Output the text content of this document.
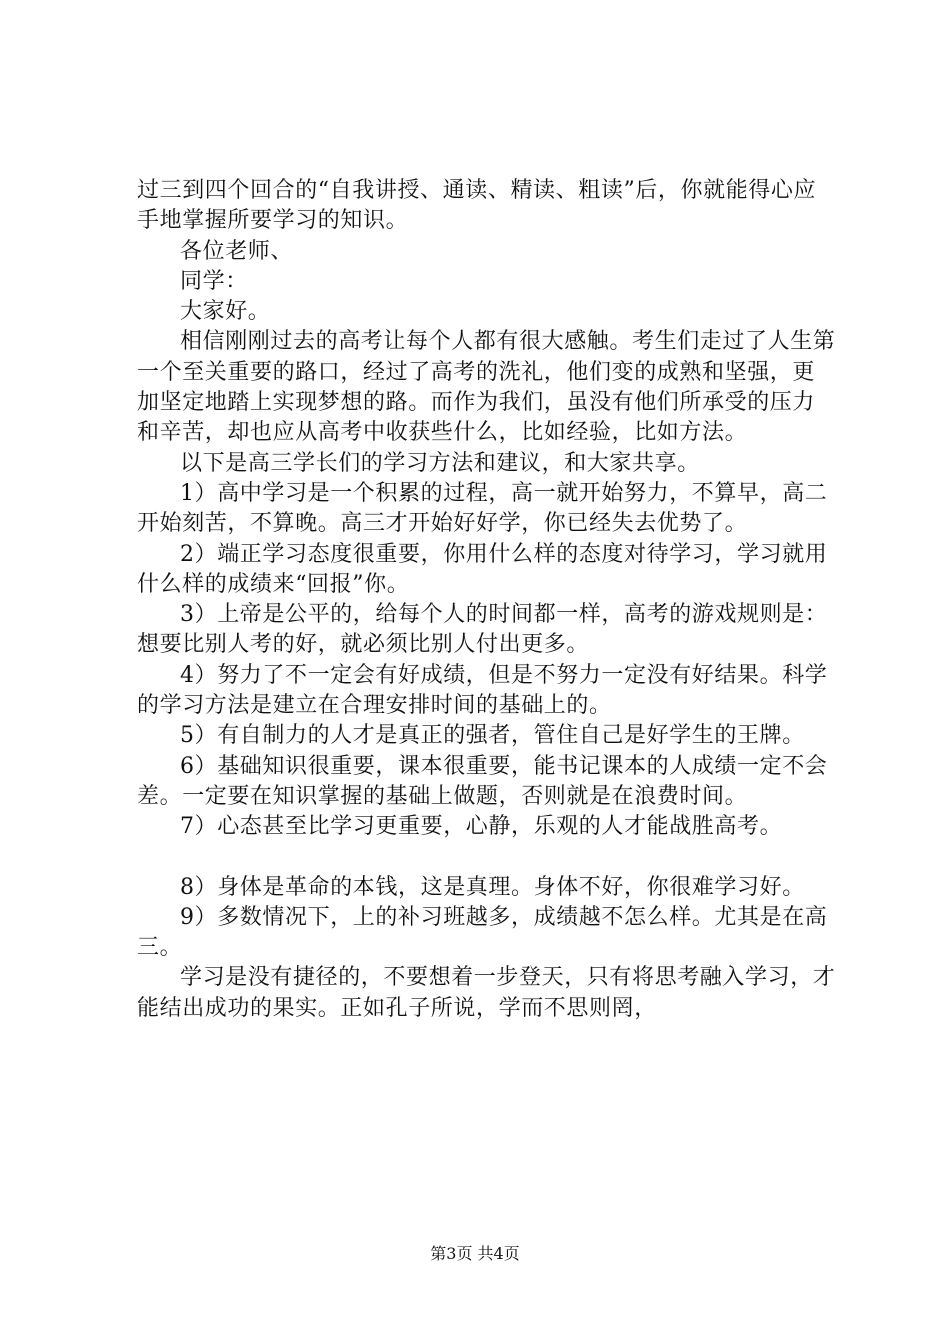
过三到四个回合的“自我讲授、通读、精读、粗读”后，你就能得心应手地掌握所要学习的知识。

各位老师、

同学：

大家好。

相信刚刚过去的高考让每个人都有很大感触。考生们走过了人生第一个至关重要的路口，经过了高考的洗礼，他们变的成熟和坚强，更加坚定地踏上实现梦想的路。而作为我们，虽没有他们所承受的压力和辛苦，却也应从高考中收获些什么，比如经验，比如方法。

以下是高三学长们的学习方法和建议，和大家共享。

1）高中学习是一个积累的过程，高一就开始努力，不算早，高二开始刻苦，不算晚。高三才开始好好学，你已经失去优势了。

2）端正学习态度很重要，你用什么样的态度对待学习，学习就用什么样的成绩来“回报”你。

3）上帝是公平的，给每个人的时间都一样，高考的游戏规则是：想要比别人考的好，就必须比别人付出更多。

4）努力了不一定会有好成绩，但是不努力一定没有好结果。科学的学习方法是建立在合理安排时间的基础上的。

5）有自制力的人才是真正的强者，管住自己是好学生的王牌。

6）基础知识很重要，课本很重要，能书记课本的人成绩一定不会差。一定要在知识掌握的基础上做题，否则就是在浪费时间。

7）心态甚至比学习更重要，心静，乐观的人才能战胜高考。

8）身体是革命的本钱，这是真理。身体不好，你很难学习好。

9）多数情况下，上的补习班越多，成绩越不怎么样。尤其是在高三。

学习是没有捷径的，不要想着一步登天，只有将思考融入学习，才能结出成功的果实。正如孔子所说，学而不思则罔，

第3页 共4页
